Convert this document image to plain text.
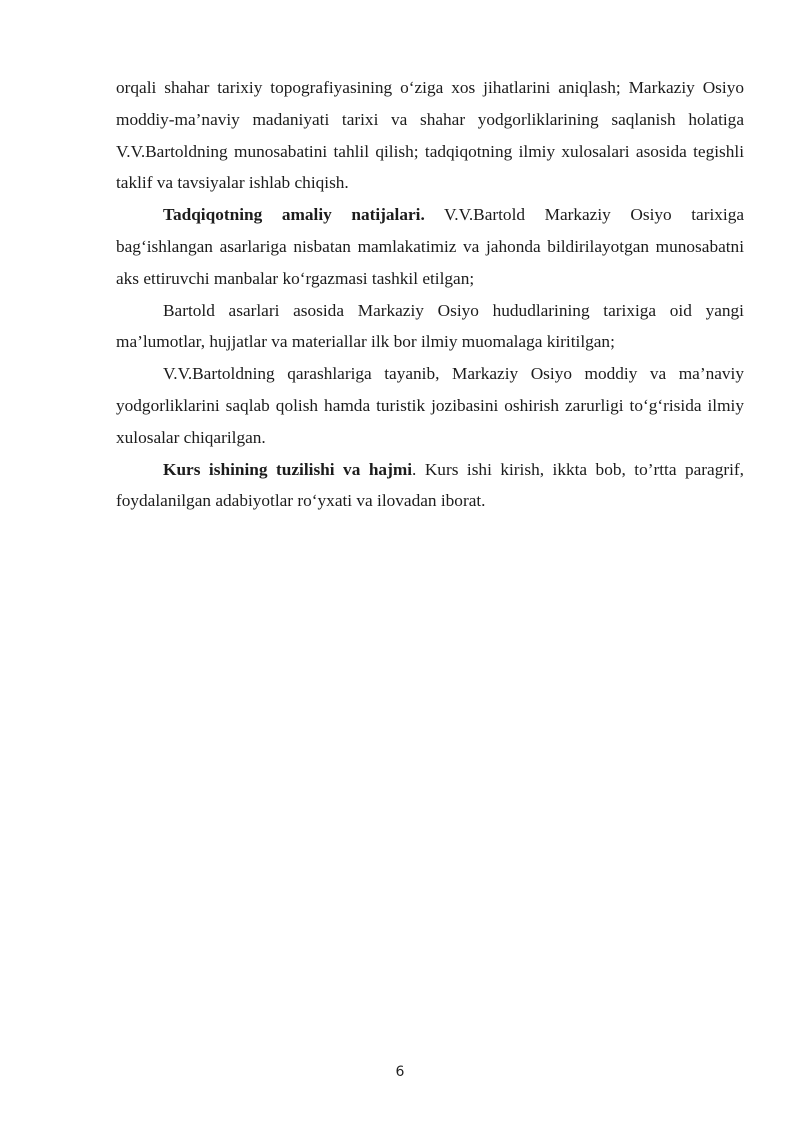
orqali shahar tarixiy topografiyasining o‘ziga xos jihatlarini aniqlash; Markaziy Osiyo moddiy-ma’naviy madaniyati tarixi va shahar yodgorliklarining saqlanish holatiga V.V.Bartoldning munosabatini tahlil qilish; tadqiqotning ilmiy xulosalari asosida tegishli taklif va tavsiyalar ishlab chiqish.

Tadqiqotning amaliy natijalari. V.V.Bartold Markaziy Osiyo tarixiga bag‘ishlangan asarlariga nisbatan mamlakatimiz va jahonda bildirilayotgan munosabatni aks ettiruvchi manbalar ko‘rgazmasi tashkil etilgan;

Bartold asarlari asosida Markaziy Osiyo hududlarining tarixiga oid yangi ma’lumotlar, hujjatlar va materiallar ilk bor ilmiy muomalaga kiritilgan;

V.V.Bartoldning qarashlariga tayanib, Markaziy Osiyo moddiy va ma’naviy yodgorliklarini saqlab qolish hamda turistik jozibasini oshirish zarurligi to‘g‘risida ilmiy xulosalar chiqarilgan.

Kurs ishining tuzilishi va hajmi. Kurs ishi kirish, ikkta bob, to’rtta paragrif, foydalanilgan adabiyotlar ro‘yxati va ilovadan iborat.

6
